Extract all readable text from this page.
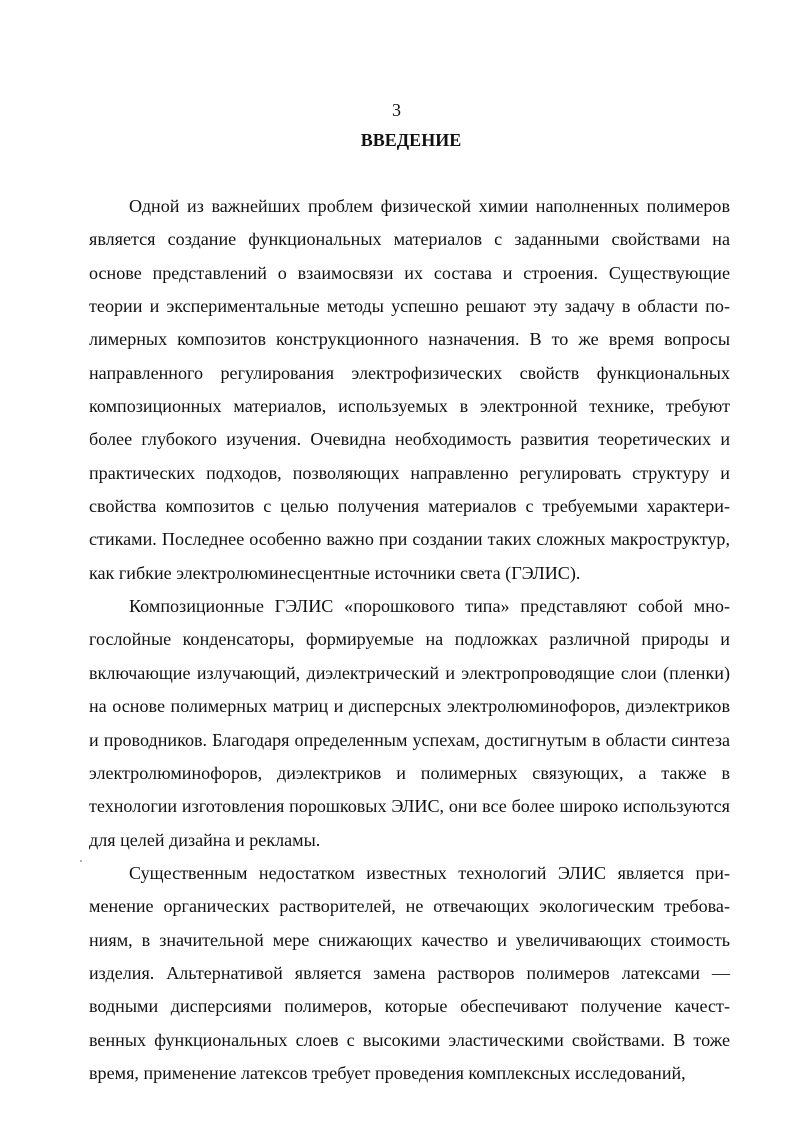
3
ВВЕДЕНИЕ

Одной из важнейших проблем физической химии наполненных полимеров является создание функциональных материалов с заданными свойствами на основе представлений о взаимосвязи их состава и строения. Существующие теории и экспериментальные методы успешно решают эту задачу в области полимерных композитов конструкционного назначения. В то же время вопросы направленного регулирования электрофизических свойств функциональных композиционных материалов, используемых в электронной технике, требуют более глубокого изучения. Очевидна необходимость развития теоретических и практических подходов, позволяющих направленно регулировать структуру и свойства композитов с целью получения материалов с требуемыми характеристиками. Последнее особенно важно при создании таких сложных макроструктур, как гибкие электролюминесцентные источники света (ГЭЛИС).

Композиционные ГЭЛИС «порошкового типа» представляют собой многослойные конденсаторы, формируемые на подложках различной природы и включающие излучающий, диэлектрический и электропроводящие слои (пленки) на основе полимерных матриц и дисперсных электролюминофоров, диэлектриков и проводников. Благодаря определенным успехам, достигнутым в области синтеза электролюминофоров, диэлектриков и полимерных связующих, а также в технологии изготовления порошковых ЭЛИС, они все более широко используются для целей дизайна и рекламы.

Существенным недостатком известных технологий ЭЛИС является применение органических растворителей, не отвечающих экологическим требованиям, в значительной мере снижающих качество и увеличивающих стоимость изделия. Альтернативой является замена растворов полимеров латексами — водными дисперсиями полимеров, которые обеспечивают получение качественных функциональных слоев с высокими эластическими свойствами. В тоже время, применение латексов требует проведения комплексных исследований,
